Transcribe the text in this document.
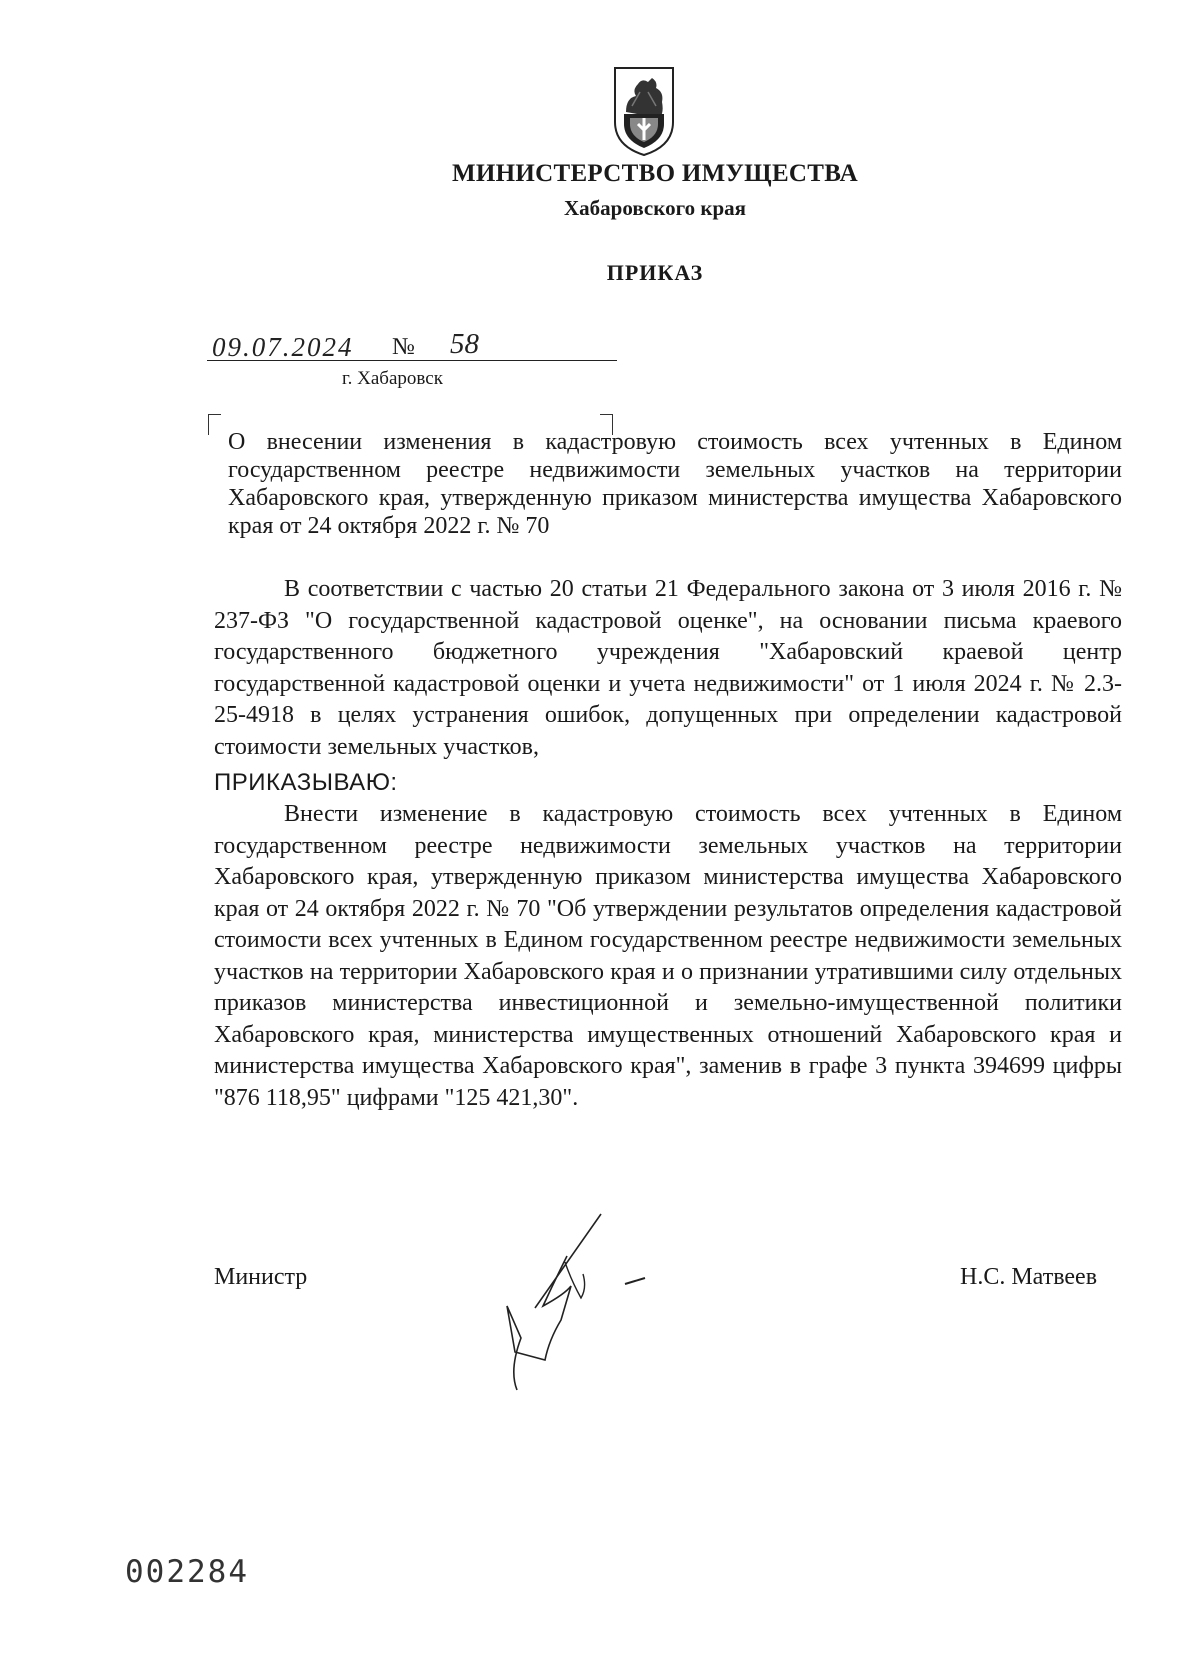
МИНИСТЕРСТВО ИМУЩЕСТВА
Хабаровского края
ПРИКАЗ
09.07.2024 № 58
г. Хабаровск
О внесении изменения в кадастровую стоимость всех учтенных в Едином государственном реестре недвижимости земельных участков на территории Хабаровского края, утвержденную приказом министерства имущества Хабаровского края от 24 октября 2022 г. № 70

В соответствии с частью 20 статьи 21 Федерального закона от 3 июля 2016 г. № 237-ФЗ "О государственной кадастровой оценке", на основании письма краевого государственного бюджетного учреждения "Хабаровский краевой центр государственной кадастровой оценки и учета недвижимости" от 1 июля 2024 г. № 2.3-25-4918 в целях устранения ошибок, допущенных при определении кадастровой стоимости земельных участков,

ПРИКАЗЫВАЮ:

Внести изменение в кадастровую стоимость всех учтенных в Едином государственном реестре недвижимости земельных участков на территории Хабаровского края, утвержденную приказом министерства имущества Хабаровского края от 24 октября 2022 г. № 70 "Об утверждении результатов определения кадастровой стоимости всех учтенных в Едином государственном реестре недвижимости земельных участков на территории Хабаровского края и о признании утратившими силу отдельных приказов министерства инвестиционной и земельно-имущественной политики Хабаровского края, министерства имущественных отношений Хабаровского края и министерства имущества Хабаровского края", заменив в графе 3 пункта 394699 цифры "876 118,95" цифрами "125 421,30".

Министр	Н.С. Матвеев
002284
